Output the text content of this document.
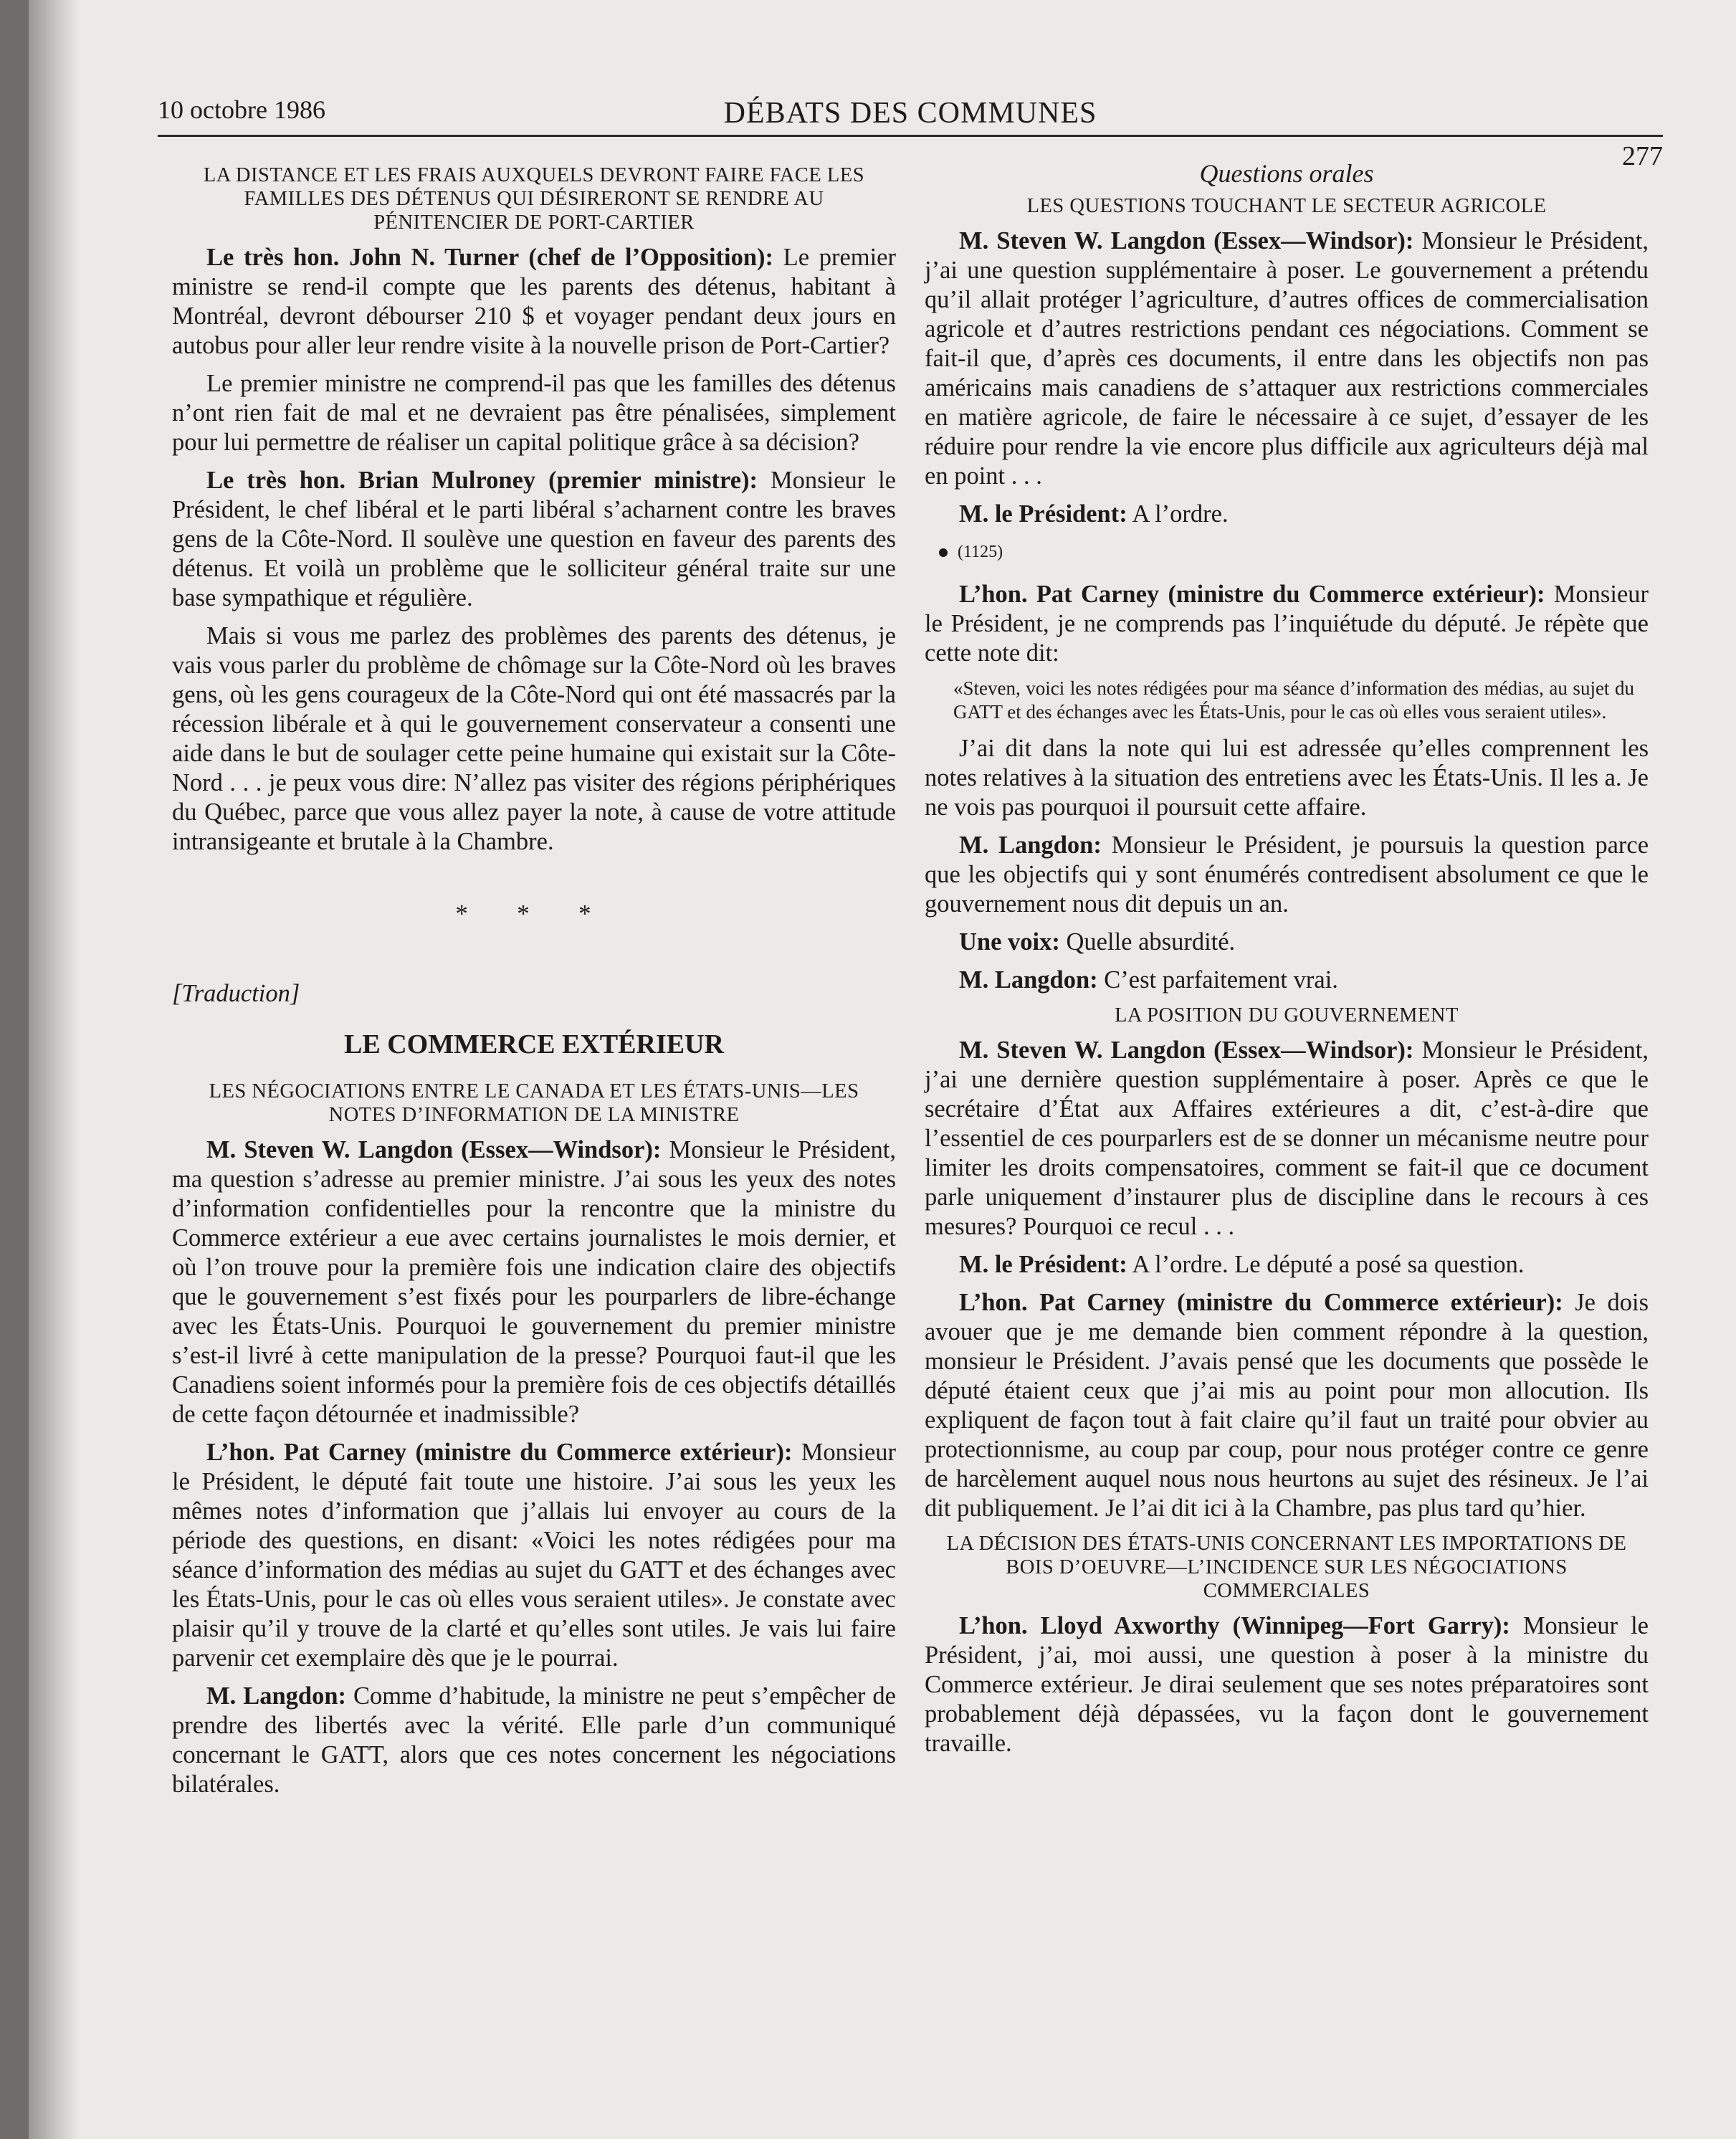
10 octobre 1986	DÉBATS DES COMMUNES
277
LA DISTANCE ET LES FRAIS AUXQUELS DEVRONT FAIRE FACE LES FAMILLES DES DÉTENUS QUI DÉSIRERONT SE RENDRE AU PÉNITENCIER DE PORT-CARTIER

Le très hon. John N. Turner (chef de l’Opposition): Le premier ministre se rend-il compte que les parents des détenus, habitant à Montréal, devront débourser 210 $ et voyager pendant deux jours en autobus pour aller leur rendre visite à la nouvelle prison de Port-Cartier?

Le premier ministre ne comprend-il pas que les familles des détenus n’ont rien fait de mal et ne devraient pas être pénalisées, simplement pour lui permettre de réaliser un capital politique grâce à sa décision?

Le très hon. Brian Mulroney (premier ministre): Monsieur le Président, le chef libéral et le parti libéral s’acharnent contre les braves gens de la Côte-Nord. Il soulève une question en faveur des parents des détenus. Et voilà un problème que le solliciteur général traite sur une base sympathique et régulière.

Mais si vous me parlez des problèmes des parents des détenus, je vais vous parler du problème de chômage sur la Côte-Nord où les braves gens, où les gens courageux de la Côte-Nord qui ont été massacrés par la récession libérale et à qui le gouvernement conservateur a consenti une aide dans le but de soulager cette peine humaine qui existait sur la Côte-Nord . . . je peux vous dire: N’allez pas visiter des régions périphériques du Québec, parce que vous allez payer la note, à cause de votre attitude intransigeante et brutale à la Chambre.

* * *
[Traduction]
LE COMMERCE EXTÉRIEUR
LES NÉGOCIATIONS ENTRE LE CANADA ET LES ÉTATS-UNIS—LES NOTES D’INFORMATION DE LA MINISTRE

M. Steven W. Langdon (Essex—Windsor): Monsieur le Président, ma question s’adresse au premier ministre. J’ai sous les yeux des notes d’information confidentielles pour la rencontre que la ministre du Commerce extérieur a eue avec certains journalistes le mois dernier, et où l’on trouve pour la première fois une indication claire des objectifs que le gouvernement s’est fixés pour les pourparlers de libre-échange avec les États-Unis. Pourquoi le gouvernement du premier ministre s’est-il livré à cette manipulation de la presse? Pourquoi faut-il que les Canadiens soient informés pour la première fois de ces objectifs détaillés de cette façon détournée et inadmissible?

L’hon. Pat Carney (ministre du Commerce extérieur): Monsieur le Président, le député fait toute une histoire. J’ai sous les yeux les mêmes notes d’information que j’allais lui envoyer au cours de la période des questions, en disant: «Voici les notes rédigées pour ma séance d’information des médias au sujet du GATT et des échanges avec les États-Unis, pour le cas où elles vous seraient utiles». Je constate avec plaisir qu’il y trouve de la clarté et qu’elles sont utiles. Je vais lui faire parvenir cet exemplaire dès que je le pourrai.

M. Langdon: Comme d’habitude, la ministre ne peut s’empêcher de prendre des libertés avec la vérité. Elle parle d’un communiqué concernant le GATT, alors que ces notes concernent les négociations bilatérales.

Questions orales
LES QUESTIONS TOUCHANT LE SECTEUR AGRICOLE

M. Steven W. Langdon (Essex—Windsor): Monsieur le Président, j’ai une question supplémentaire à poser. Le gouvernement a prétendu qu’il allait protéger l’agriculture, d’autres offices de commercialisation agricole et d’autres restrictions pendant ces négociations. Comment se fait-il que, d’après ces documents, il entre dans les objectifs non pas américains mais canadiens de s’attaquer aux restrictions commerciales en matière agricole, de faire le nécessaire à ce sujet, d’essayer de les réduire pour rendre la vie encore plus difficile aux agriculteurs déjà mal en point . . .

M. le Président: A l’ordre.

(1125)

L’hon. Pat Carney (ministre du Commerce extérieur): Monsieur le Président, je ne comprends pas l’inquiétude du député. Je répète que cette note dit:

«Steven, voici les notes rédigées pour ma séance d’information des médias, au sujet du GATT et des échanges avec les États-Unis, pour le cas où elles vous seraient utiles».

J’ai dit dans la note qui lui est adressée qu’elles comprennent les notes relatives à la situation des entretiens avec les États-Unis. Il les a. Je ne vois pas pourquoi il poursuit cette affaire.

M. Langdon: Monsieur le Président, je poursuis la question parce que les objectifs qui y sont énumérés contredisent absolument ce que le gouvernement nous dit depuis un an.

Une voix: Quelle absurdité.

M. Langdon: C’est parfaitement vrai.

LA POSITION DU GOUVERNEMENT

M. Steven W. Langdon (Essex—Windsor): Monsieur le Président, j’ai une dernière question supplémentaire à poser. Après ce que le secrétaire d’État aux Affaires extérieures a dit, c’est-à-dire que l’essentiel de ces pourparlers est de se donner un mécanisme neutre pour limiter les droits compensatoires, comment se fait-il que ce document parle uniquement d’instaurer plus de discipline dans le recours à ces mesures? Pourquoi ce recul . . .

M. le Président: A l’ordre. Le député a posé sa question.

L’hon. Pat Carney (ministre du Commerce extérieur): Je dois avouer que je me demande bien comment répondre à la question, monsieur le Président. J’avais pensé que les documents que possède le député étaient ceux que j’ai mis au point pour mon allocution. Ils expliquent de façon tout à fait claire qu’il faut un traité pour obvier au protectionnisme, au coup par coup, pour nous protéger contre ce genre de harcèlement auquel nous nous heurtons au sujet des résineux. Je l’ai dit publiquement. Je l’ai dit ici à la Chambre, pas plus tard qu’hier.

LA DÉCISION DES ÉTATS-UNIS CONCERNANT LES IMPORTATIONS DE BOIS D’OEUVRE—L’INCIDENCE SUR LES NÉGOCIATIONS COMMERCIALES

L’hon. Lloyd Axworthy (Winnipeg—Fort Garry): Monsieur le Président, j’ai, moi aussi, une question à poser à la ministre du Commerce extérieur. Je dirai seulement que ses notes préparatoires sont probablement déjà dépassées, vu la façon dont le gouvernement travaille.
